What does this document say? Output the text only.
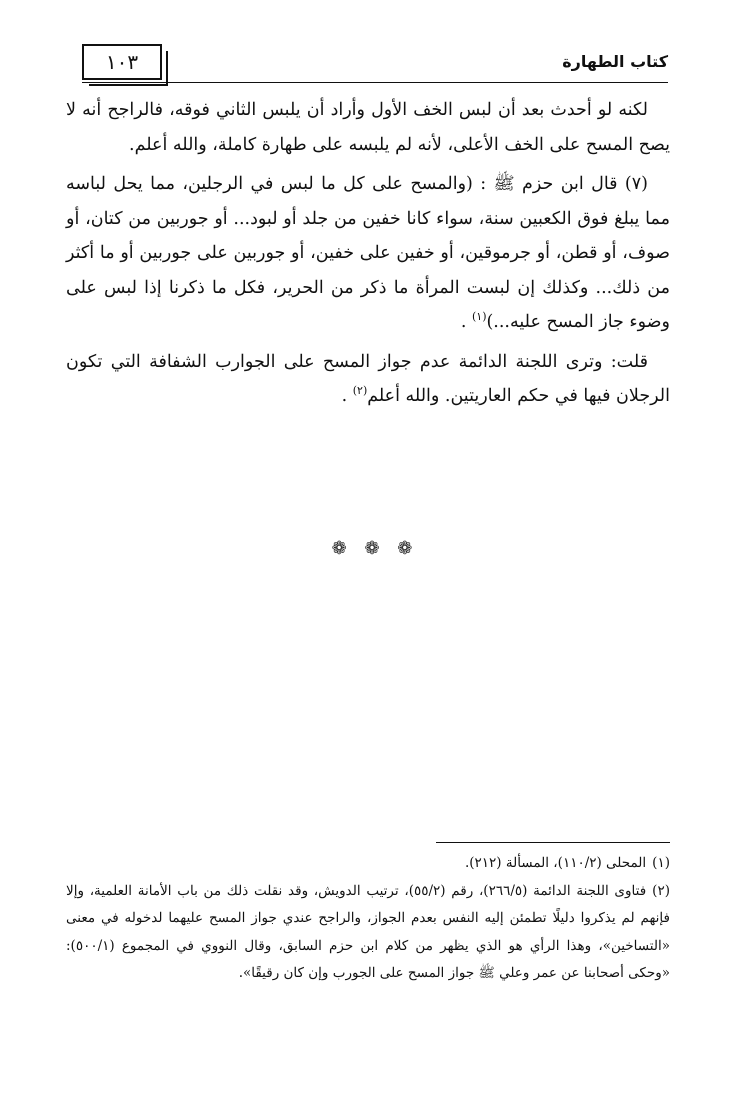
١٠٣	كتاب الطهارة

لكنه لو أحدث بعد أن لبس الخف الأول وأراد أن يلبس الثاني فوقه، فالراجح أنه لا يصح المسح على الخف الأعلى، لأنه لم يلبسه على طهارة كاملة، والله أعلم.

(٧) قال ابن حزم ﷺ : (والمسح على كل ما لبس في الرجلين، مما يحل لباسه مما يبلغ فوق الكعبين سنة، سواء كانا خفين من جلد أو لبود... أو جوربين من كتان، أو صوف، أو قطن، أو جرموقين، أو خفين على خفين، أو جوربين على جوربين أو ما أكثر من ذلك... وكذلك إن لبست المرأة ما ذكر من الحرير، فكل ما ذكرنا إذا لبس على وضوء جاز المسح عليه...)$^{(١)}$ .

قلت: وترى اللجنة الدائمة عدم جواز المسح على الجوارب الشفافة التي تكون الرجلان فيها في حكم العاريتين. والله أعلم$^{(٢)}$ .

❁ ❁ ❁

(١)المحلى (١١٠/٢)، المسألة (٢١٢).

(٢)فتاوى اللجنة الدائمة (٢٦٦/٥)، رقم (٥٥/٢)، ترتيب الدويش، وقد نقلت ذلك من باب الأمانة العلمية، وإلا فإنهم لم يذكروا دليلًا تطمئن إليه النفس بعدم الجواز، والراجح عندي جواز المسح عليهما لدخوله في معنى «التساخين»، وهذا الرأي هو الذي يظهر من كلام ابن حزم السابق، وقال النووي في المجموع (٥٠٠/١): «وحكى أصحابنا عن عمر وعلي ﷺ جواز المسح على الجورب وإن كان رقيقًا».
